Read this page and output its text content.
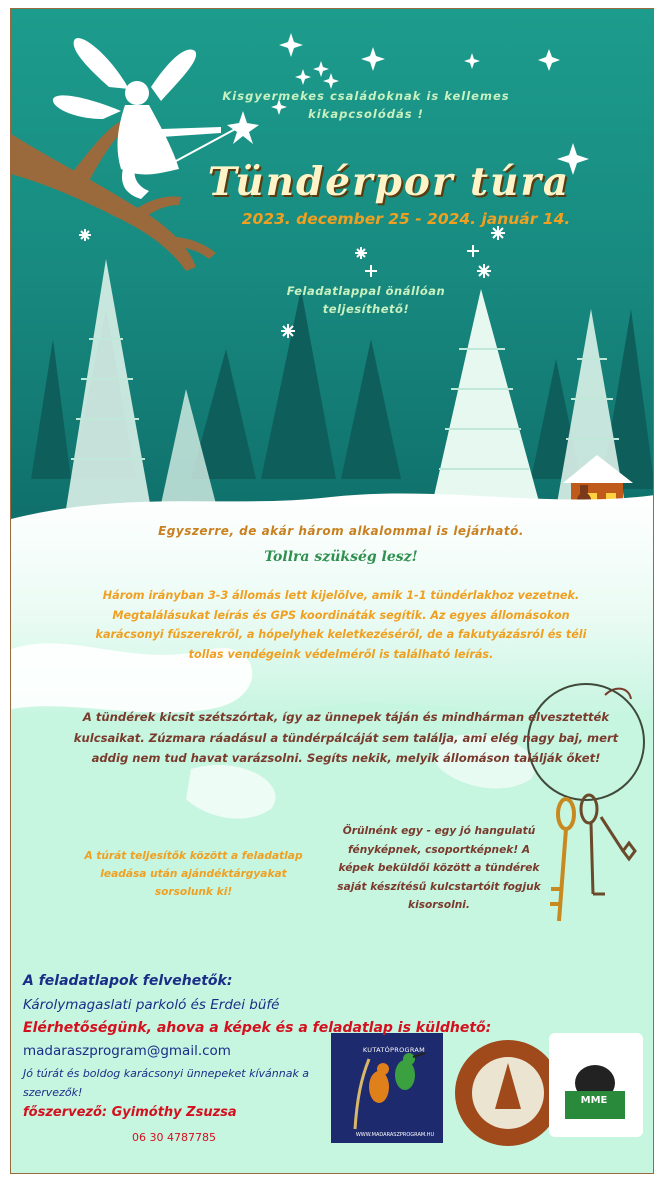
Kisgyermekes családoknak is kellemes kikapcsolódás !

Tündérpor túra

2023. december 25 - 2024. január 14.

Feladatlappal önállóan teljesíthető!

Egyszerre, de akár három alkalommal is lejárható.

Tollra szükség lesz!

Három irányban 3-3 állomás lett kijelölve, amik 1-1 tündérlakhoz vezetnek. Megtalálásukat leírás és GPS koordináták segítik. Az egyes állomásokon karácsonyi fűszerekről, a hópelyhek keletkezéséről, de a fakutyázásról és téli tollas vendégeink védelméről is található leírás.

A tündérek kicsit szétszórtak, így az ünnepek táján és mindhárman elvesztették kulcsaikat. Zúzmara ráadásul a tündérpálcáját sem találja, ami elég nagy baj, mert addig nem tud havat varázsolni. Segíts nekik, melyik állomáson találják őket!

A túrát teljesítők között a feladatlap leadása után ajándéktárgyakat sorsolunk ki!

Örülnénk egy - egy jó hangulatú fényképnek, csoportképnek! A képek beküldői között a tündérek saját készítésű kulcstartóit fogjuk kisorsolni.

A feladatlapok felvehetők:

Károlymagaslati parkoló és Erdei büfé

Elérhetőségünk, ahova a képek és a feladatlap is küldhető:

madaraszprogram@gmail.com

Jó túrát és boldog karácsonyi ünnepeket kívánnak a szervezők!

főszervező: Gyimóthy Zsuzsa

06 30 4787785

KUTATÓPROGRAM

WWW.MADARASZPROGRAM.HU

MME
